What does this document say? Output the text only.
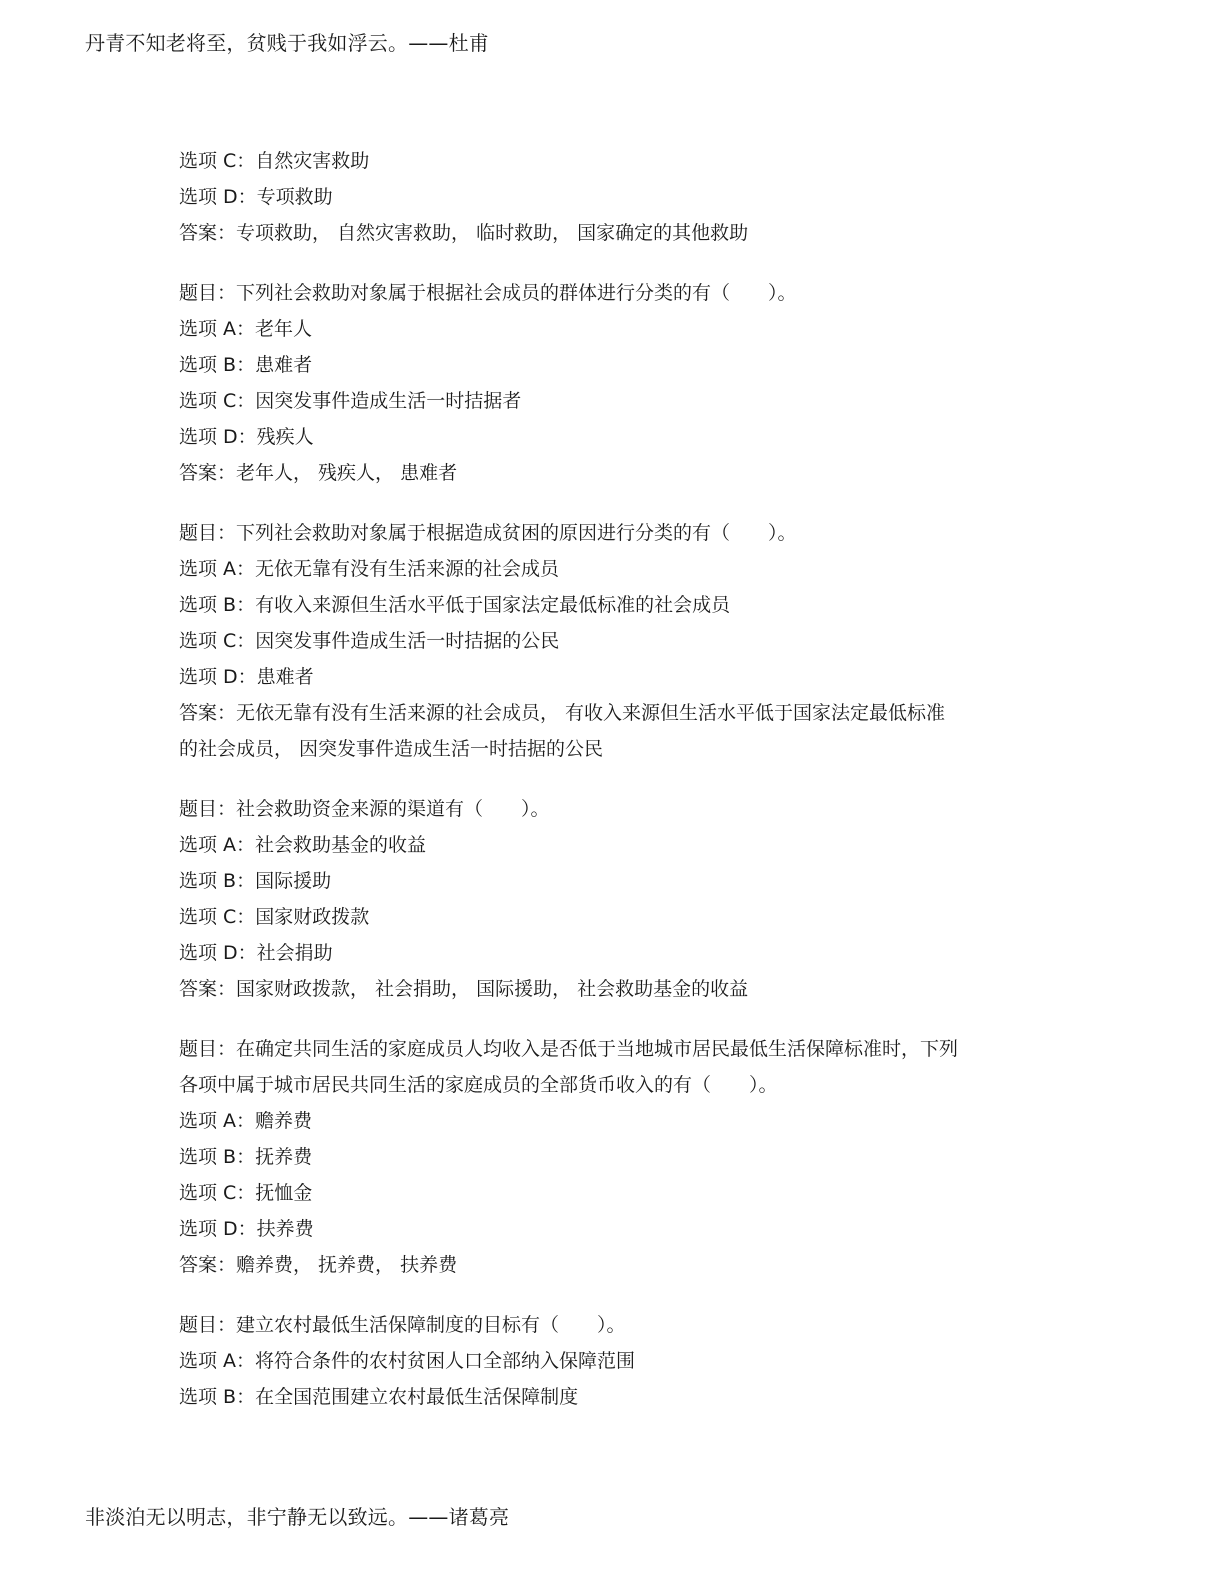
丹青不知老将至，贫贱于我如浮云。——杜甫
选项 C：自然灾害救助
选项 D：专项救助
答案：专项救助， 自然灾害救助， 临时救助， 国家确定的其他救助
题目：下列社会救助对象属于根据社会成员的群体进行分类的有（　　）。
选项 A：老年人
选项 B：患难者
选项 C：因突发事件造成生活一时拮据者
选项 D：残疾人
答案：老年人， 残疾人， 患难者
题目：下列社会救助对象属于根据造成贫困的原因进行分类的有（　　）。
选项 A：无依无靠有没有生活来源的社会成员
选项 B：有收入来源但生活水平低于国家法定最低标准的社会成员
选项 C：因突发事件造成生活一时拮据的公民
选项 D：患难者
答案：无依无靠有没有生活来源的社会成员， 有收入来源但生活水平低于国家法定最低标准
的社会成员， 因突发事件造成生活一时拮据的公民
题目：社会救助资金来源的渠道有（　　）。
选项 A：社会救助基金的收益
选项 B：国际援助
选项 C：国家财政拨款
选项 D：社会捐助
答案：国家财政拨款， 社会捐助， 国际援助， 社会救助基金的收益
题目：在确定共同生活的家庭成员人均收入是否低于当地城市居民最低生活保障标准时，下列
各项中属于城市居民共同生活的家庭成员的全部货币收入的有（　　）。
选项 A：赡养费
选项 B：抚养费
选项 C：抚恤金
选项 D：扶养费
答案：赡养费， 抚养费， 扶养费
题目：建立农村最低生活保障制度的目标有（　　）。
选项 A：将符合条件的农村贫困人口全部纳入保障范围
选项 B：在全国范围建立农村最低生活保障制度
非淡泊无以明志，非宁静无以致远。——诸葛亮
